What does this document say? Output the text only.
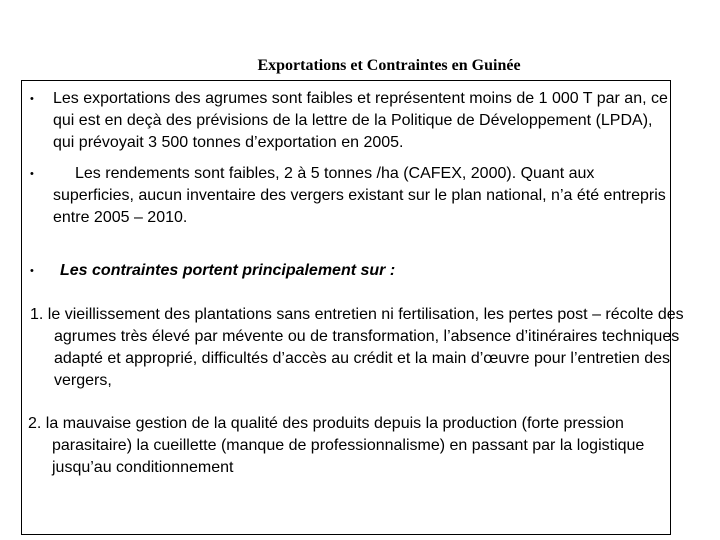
Exportations et Contraintes en Guinée
• Les exportations des agrumes sont faibles et représentent moins de 1 000 T par an, ce qui est en deçà des prévisions de la lettre de la Politique de Développement (LPDA), qui prévoyait 3 500 tonnes d’exportation en 2005.

•	Les rendements sont faibles, 2 à 5 tonnes /ha (CAFEX, 2000). Quant aux superficies, aucun inventaire des vergers existant sur le plan national, n’a été entrepris entre 2005 – 2010.

• Les contraintes portent principalement sur :

1. le vieillissement des plantations sans entretien ni fertilisation, les pertes post – récolte des agrumes très élevé par mévente ou de transformation, l’absence d’itinéraires techniques adapté et approprié, difficultés d’accès au crédit et la main d’œuvre pour l’entretien des vergers,

2. la mauvaise gestion de la qualité des produits depuis la production (forte pression parasitaire) la cueillette (manque de professionnalisme) en passant par la logistique jusqu’au conditionnement
